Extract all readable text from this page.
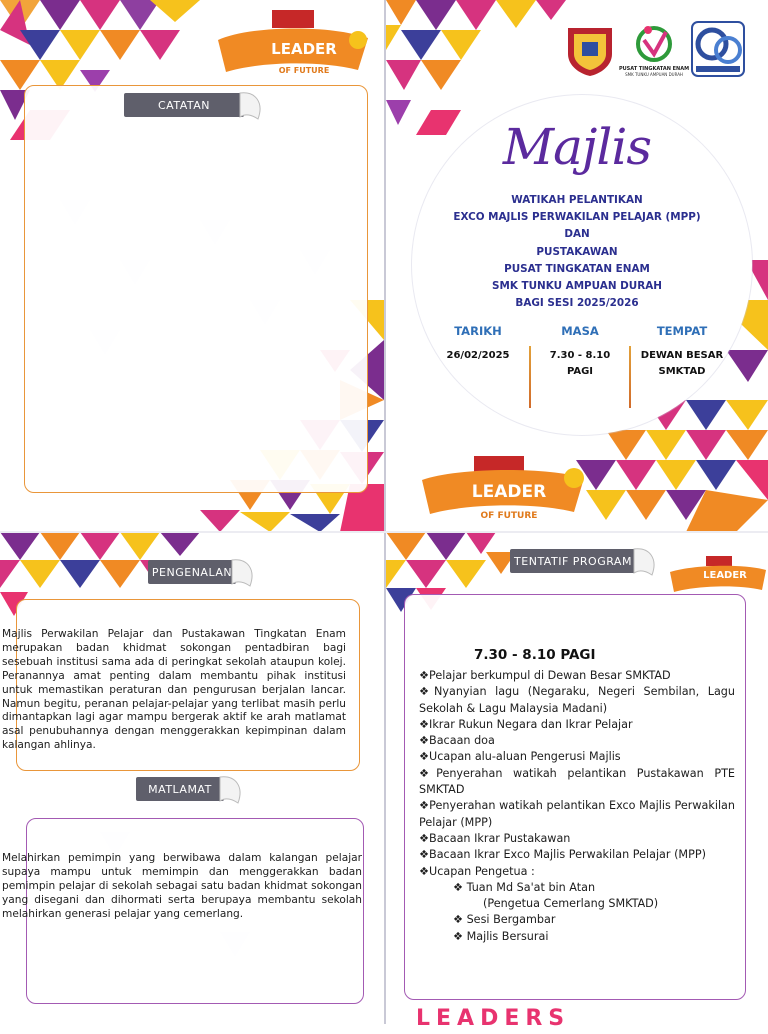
CATATAN
LEADER
OF FUTURE	PUSAT TINGKATAN ENAM
SMK TUNKU AMPUAN DURAH
Majlis
WATIKAH PELANTIKAN
EXCO MAJLIS PERWAKILAN PELAJAR (MPP)
DAN
PUSTAKAWAN
PUSAT TINGKATAN ENAM
SMK TUNKU AMPUAN DURAH
BAGI SESI 2025/2026
TARIKH
26/02/2025
MASA
7.30 - 8.10
PAGI
TEMPAT
DEWAN BESAR
SMKTAD
LEADER
OF FUTURE
PENGENALAN
Majlis Perwakilan Pelajar dan Pustakawan Tingkatan Enam merupakan badan khidmat sokongan pentadbiran bagi sesebuah institusi sama ada di peringkat sekolah ataupun kolej. Peranannya amat penting dalam membantu pihak institusi untuk memastikan peraturan dan pengurusan berjalan lancar. Namun begitu, peranan pelajar-pelajar yang terlibat masih perlu dimantapkan lagi agar mampu bergerak aktif ke arah matlamat asal penubuhannya dengan menggerakkan kepimpinan dalam kalangan ahlinya.
MATLAMAT
Melahirkan pemimpin yang berwibawa dalam kalangan pelajar supaya mampu untuk memimpin dan menggerakkan badan pemimpin pelajar di sekolah sebagai satu badan khidmat sokongan yang disegani dan dihormati serta berupaya membantu sekolah melahirkan generasi pelajar yang cemerlang.
TENTATIF PROGRAM
LEADER
7.30 - 8.10 PAGI
❖Pelajar berkumpul di Dewan Besar SMKTAD
❖Nyanyian lagu (Negaraku, Negeri Sembilan, Lagu Sekolah & Lagu Malaysia Madani)
❖Ikrar Rukun Negara dan Ikrar Pelajar
❖Bacaan doa
❖Ucapan alu-aluan Pengerusi Majlis
❖Penyerahan watikah pelantikan Pustakawan PTE SMKTAD
❖Penyerahan watikah pelantikan Exco Majlis Perwakilan Pelajar (MPP)
❖Bacaan Ikrar Pustakawan
❖Bacaan Ikrar Exco Majlis Perwakilan Pelajar (MPP)
❖Ucapan Pengetua :
❖ Tuan Md Sa'at bin Atan
(Pengetua Cemerlang SMKTAD)
❖ Sesi Bergambar
❖ Majlis Bersurai
LEADERS
